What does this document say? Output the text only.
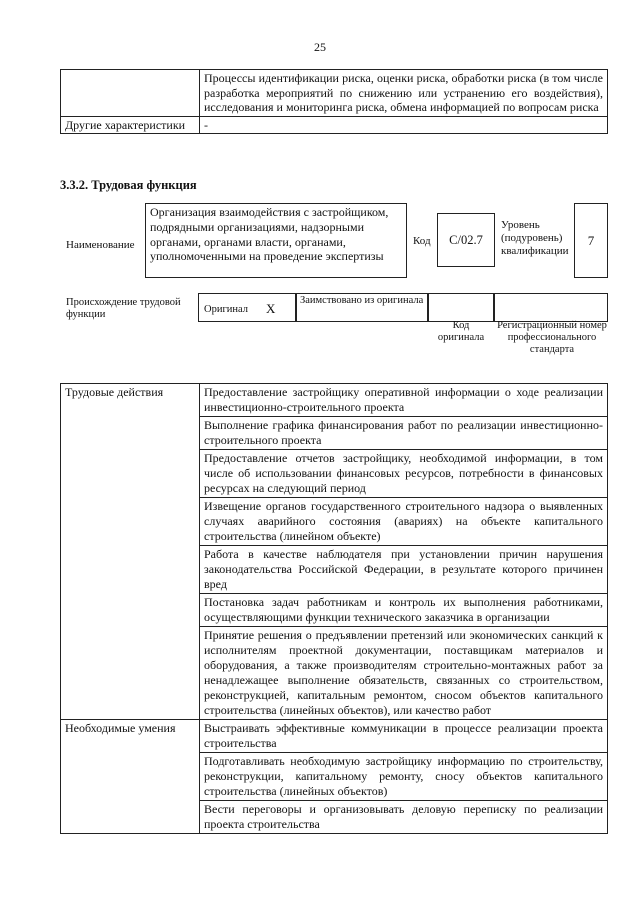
25
	Процессы идентификации риска, оценки риска, обработки риска (в том числе разработка мероприятий по снижению или устранению его воздействия), исследования и мониторинга риска, обмена информацией по вопросам риска
Другие характеристики	-
3.3.2. Трудовая функция
Наименование
Организация взаимодействия с застройщиком, подрядными организациями, надзорными органами, органами власти, органами, уполномоченными на проведение экспертизы
Код	C/02.7
Уровень (подуровень) квалификации
7
Происхождение трудовой функции	Оригинал X
Заимствовано из оригинала
Код оригинала
Регистрационный номер профессионального стандарта
Трудовые действия	Предоставление застройщику оперативной информации о ходе реализации инвестиционно-строительного проекта
	Выполнение графика финансирования работ по реализации инвестиционно-строительного проекта
	Предоставление отчетов застройщику, необходимой информации, в том числе об использовании финансовых ресурсов, потребности в финансовых ресурсах на следующий период
	Извещение органов государственного строительного надзора о выявленных случаях аварийного состояния (авариях) на объекте капитального строительства (линейном объекте)
	Работа в качестве наблюдателя при установлении причин нарушения законодательства Российской Федерации, в результате которого причинен вред
	Постановка задач работникам и контроль их выполнения работниками, осуществляющими функции технического заказчика в организации
	Принятие решения о предъявлении претензий или экономических санкций к исполнителям проектной документации, поставщикам материалов и оборудования, а также производителям строительно-монтажных работ за ненадлежащее выполнение обязательств, связанных со строительством, реконструкцией, капитальным ремонтом, сносом объектов капитального строительства (линейных объектов), или качество работ
Необходимые умения	Выстраивать эффективные коммуникации в процессе реализации проекта строительства
	Подготавливать необходимую застройщику информацию по строительству, реконструкции, капитальному ремонту, сносу объектов капитального строительства (линейных объектов)
	Вести переговоры и организовывать деловую переписку по реализации проекта строительства
